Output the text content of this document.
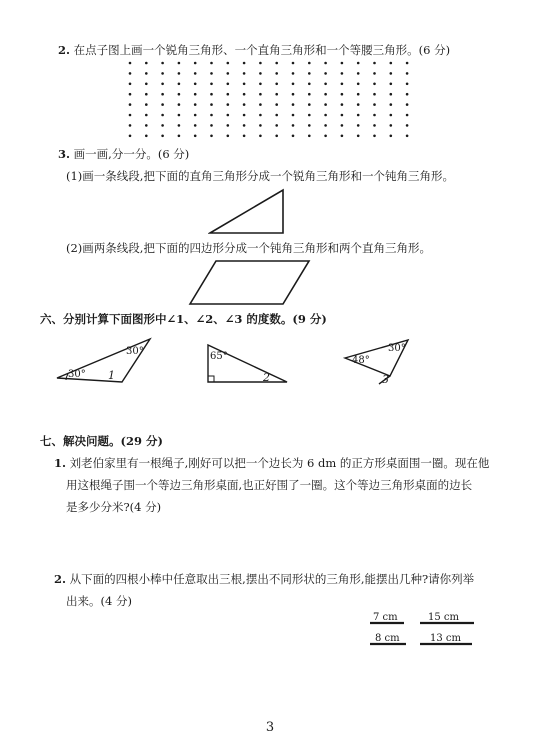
2. 在点子图上画一个锐角三角形、一个直角三角形和一个等腰三角形。(6 分)
3. 画一画,分一分。(6 分)
(1)画一条线段,把下面的直角三角形分成一个锐角三角形和一个钝角三角形。
(2)画两条线段,把下面的四边形分成一个钝角三角形和两个直角三角形。
六、分别计算下面图形中∠1、∠2、∠3 的度数。(9 分)
30°
30°
1
65°
2
48°
30°
3
七、解决问题。(29 分)
1. 刘老伯家里有一根绳子,刚好可以把一个边长为 6 dm 的正方形桌面围一圈。现在他
用这根绳子围一个等边三角形桌面,也正好围了一圈。这个等边三角形桌面的边长
是多少分米?(4 分)
2. 从下面的四根小棒中任意取出三根,摆出不同形状的三角形,能摆出几种?请你列举
出来。(4 分)
7 cm	15 cm
8 cm	13 cm
3
